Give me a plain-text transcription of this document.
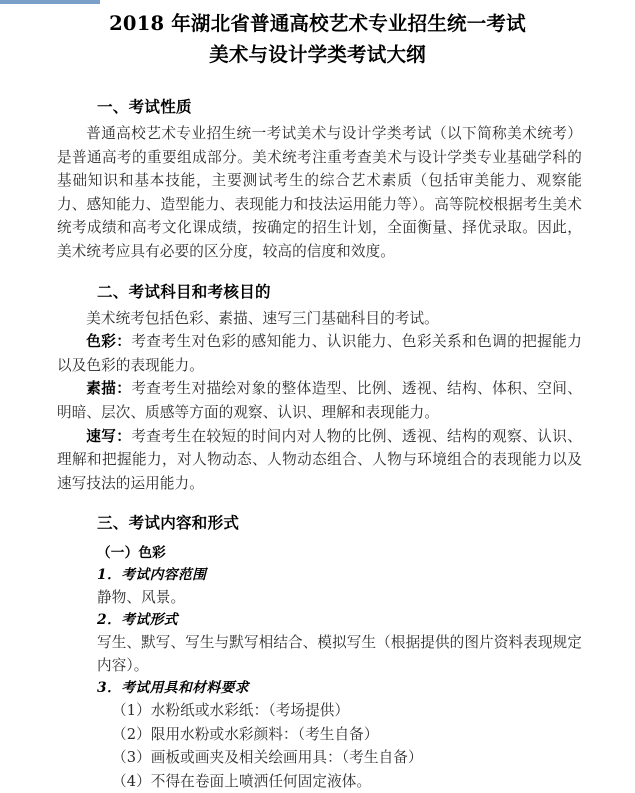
2018 年湖北省普通高校艺术专业招生统一考试
美术与设计学类考试大纲
一、考试性质

普通高校艺术专业招生统一考试美术与设计学类考试（以下简称美术统考）是普通高考的重要组成部分。美术统考注重考查美术与设计学类专业基础学科的基础知识和基本技能，主要测试考生的综合艺术素质（包括审美能力、观察能力、感知能力、造型能力、表现能力和技法运用能力等）。高等院校根据考生美术统考成绩和高考文化课成绩，按确定的招生计划，全面衡量、择优录取。因此，美术统考应具有必要的区分度，较高的信度和效度。

二、考试科目和考核目的

美术统考包括色彩、素描、速写三门基础科目的考试。

色彩：考查考生对色彩的感知能力、认识能力、色彩关系和色调的把握能力以及色彩的表现能力。

素描：考查考生对描绘对象的整体造型、比例、透视、结构、体积、空间、明暗、层次、质感等方面的观察、认识、理解和表现能力。

速写：考查考生在较短的时间内对人物的比例、透视、结构的观察、认识、理解和把握能力，对人物动态、人物动态组合、人物与环境组合的表现能力以及速写技法的运用能力。

三、考试内容和形式
（一）色彩
1．考试内容范围

静物、风景。

2．考试形式

写生、默写、写生与默写相结合、模拟写生（根据提供的图片资料表现规定内容）。

3．考试用具和材料要求

（1）水粉纸或水彩纸：（考场提供）

（2）限用水粉或水彩颜料：（考生自备）

（3）画板或画夹及相关绘画用具：（考生自备）

（4）不得在卷面上喷洒任何固定液体。
